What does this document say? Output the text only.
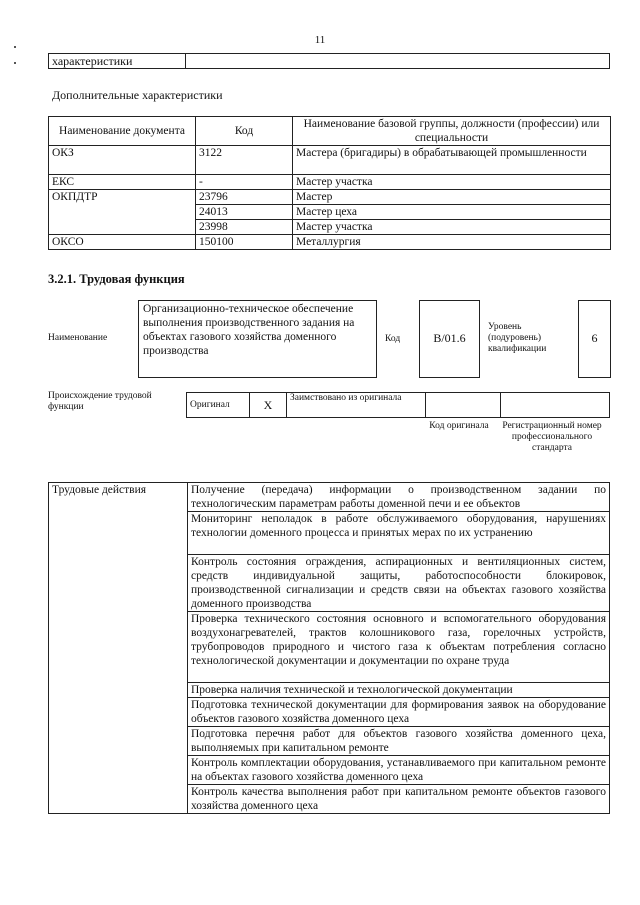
11
характеристики	
Дополнительные характеристики
Наименование документа	Код	Наименование базовой группы, должности (профессии) или специальности
ОКЗ	3122	Мастера (бригадиры) в обрабатывающей промышленности
ЕКС	-	Мастер участка
ОКПДТР	23796	Мастер
	24013	Мастер цеха
	23998	Мастер участка
ОКСО	150100	Металлургия
3.2.1. Трудовая функция
Наименование
Организационно-техническое обеспечение выполнения производственного задания на объектах газового хозяйства доменного производства
Код	B/01.6
Уровень (подуровень) квалификации
6
Происхождение трудовой функции	Оригинал	X	Заимствовано из оригинала		
Код оригинала	Регистрационный номер профессионального стандарта
Трудовые действия	Получение (передача) информации о производственном задании по технологическим параметрам работы доменной печи и ее объектов
Мониторинг неполадок в работе обслуживаемого оборудования, нарушениях технологии доменного процесса и принятых мерах по их устранению
Контроль состояния ограждения, аспирационных и вентиляционных систем, средств индивидуальной защиты, работоспособности блокировок, производственной сигнализации и средств связи на объектах газового хозяйства доменного производства
Проверка технического состояния основного и вспомогательного оборудования воздухонагревателей, трактов колошникового газа, горелочных устройств, трубопроводов природного и чистого газа к объектам потребления согласно технологической документации и документации по охране труда
Проверка наличия технической и технологической документации
Подготовка технической документации для формирования заявок на оборудование объектов газового хозяйства доменного цеха
Подготовка перечня работ для объектов газового хозяйства доменного цеха, выполняемых при капитальном ремонте
Контроль комплектации оборудования, устанавливаемого при капитальном ремонте на объектах газового хозяйства доменного цеха
Контроль качества выполнения работ при капитальном ремонте объектов газового хозяйства доменного цеха
